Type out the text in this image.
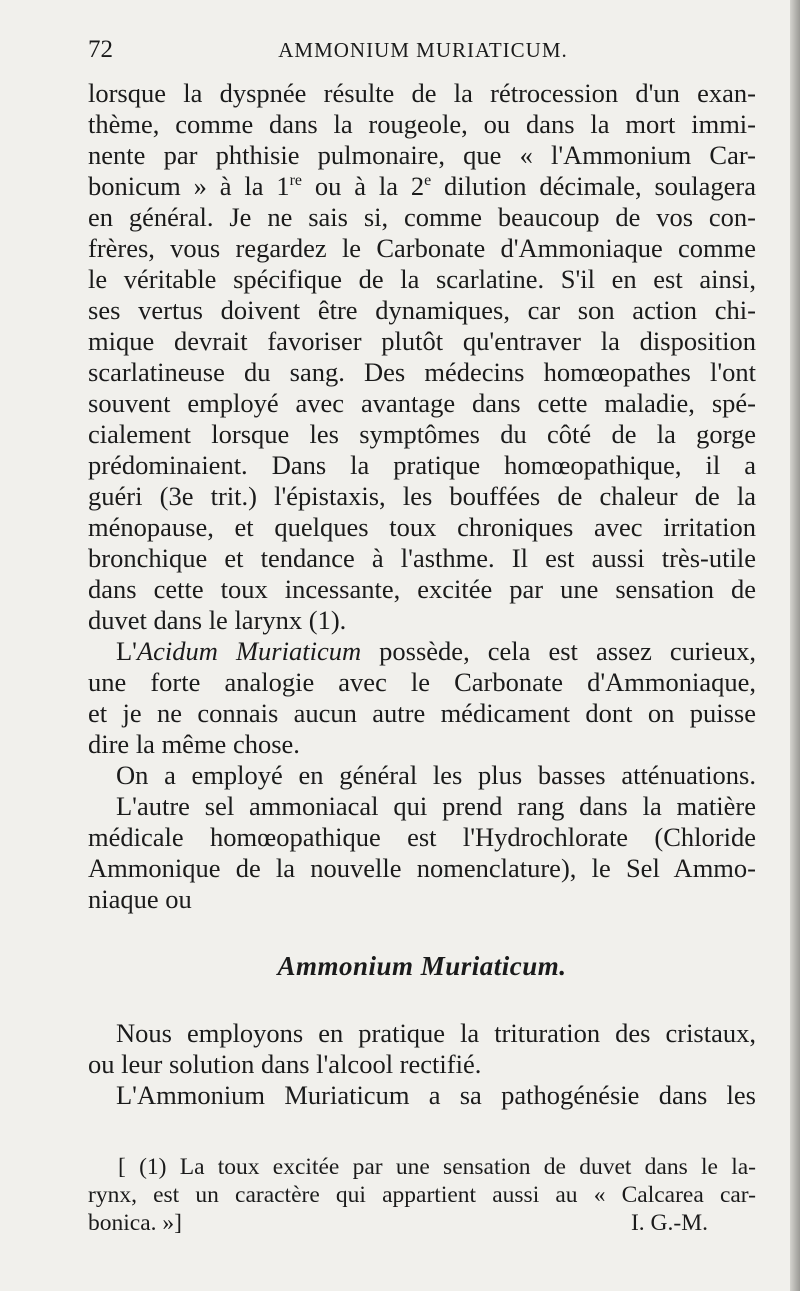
72	AMMONIUM MURIATICUM.
lorsque la dyspnée résulte de la rétrocession d'un exan-
thème, comme dans la rougeole, ou dans la mort immi-
nente par phthisie pulmonaire, que « l'Ammonium Car-
bonicum » à la 1re ou à la 2e dilution décimale, soulagera
en général. Je ne sais si, comme beaucoup de vos con-
frères, vous regardez le Carbonate d'Ammoniaque comme
le véritable spécifique de la scarlatine. S'il en est ainsi,
ses vertus doivent être dynamiques, car son action chi-
mique devrait favoriser plutôt qu'entraver la disposition
scarlatineuse du sang. Des médecins homœopathes l'ont
souvent employé avec avantage dans cette maladie, spé-
cialement lorsque les symptômes du côté de la gorge
prédominaient. Dans la pratique homœopathique, il a
guéri (3e trit.) l'épistaxis, les bouffées de chaleur de la
ménopause, et quelques toux chroniques avec irritation
bronchique et tendance à l'asthme. Il est aussi très-utile
dans cette toux incessante, excitée par une sensation de
duvet dans le larynx (1).
L'Acidum Muriaticum possède, cela est assez curieux,
une forte analogie avec le Carbonate d'Ammoniaque,
et je ne connais aucun autre médicament dont on puisse
dire la même chose.
On a employé en général les plus basses atténuations.
L'autre sel ammoniacal qui prend rang dans la matière
médicale homœopathique est l'Hydrochlorate (Chloride
Ammonique de la nouvelle nomenclature), le Sel Ammo-
niaque ou
Ammonium Muriaticum.
Nous employons en pratique la trituration des cristaux,
ou leur solution dans l'alcool rectifié.
L'Ammonium Muriaticum a sa pathogénésie dans les
[ (1) La toux excitée par une sensation de duvet dans le la-
rynx, est un caractère qui appartient aussi au « Calcarea car-
bonica. »]	I. G.-M.
